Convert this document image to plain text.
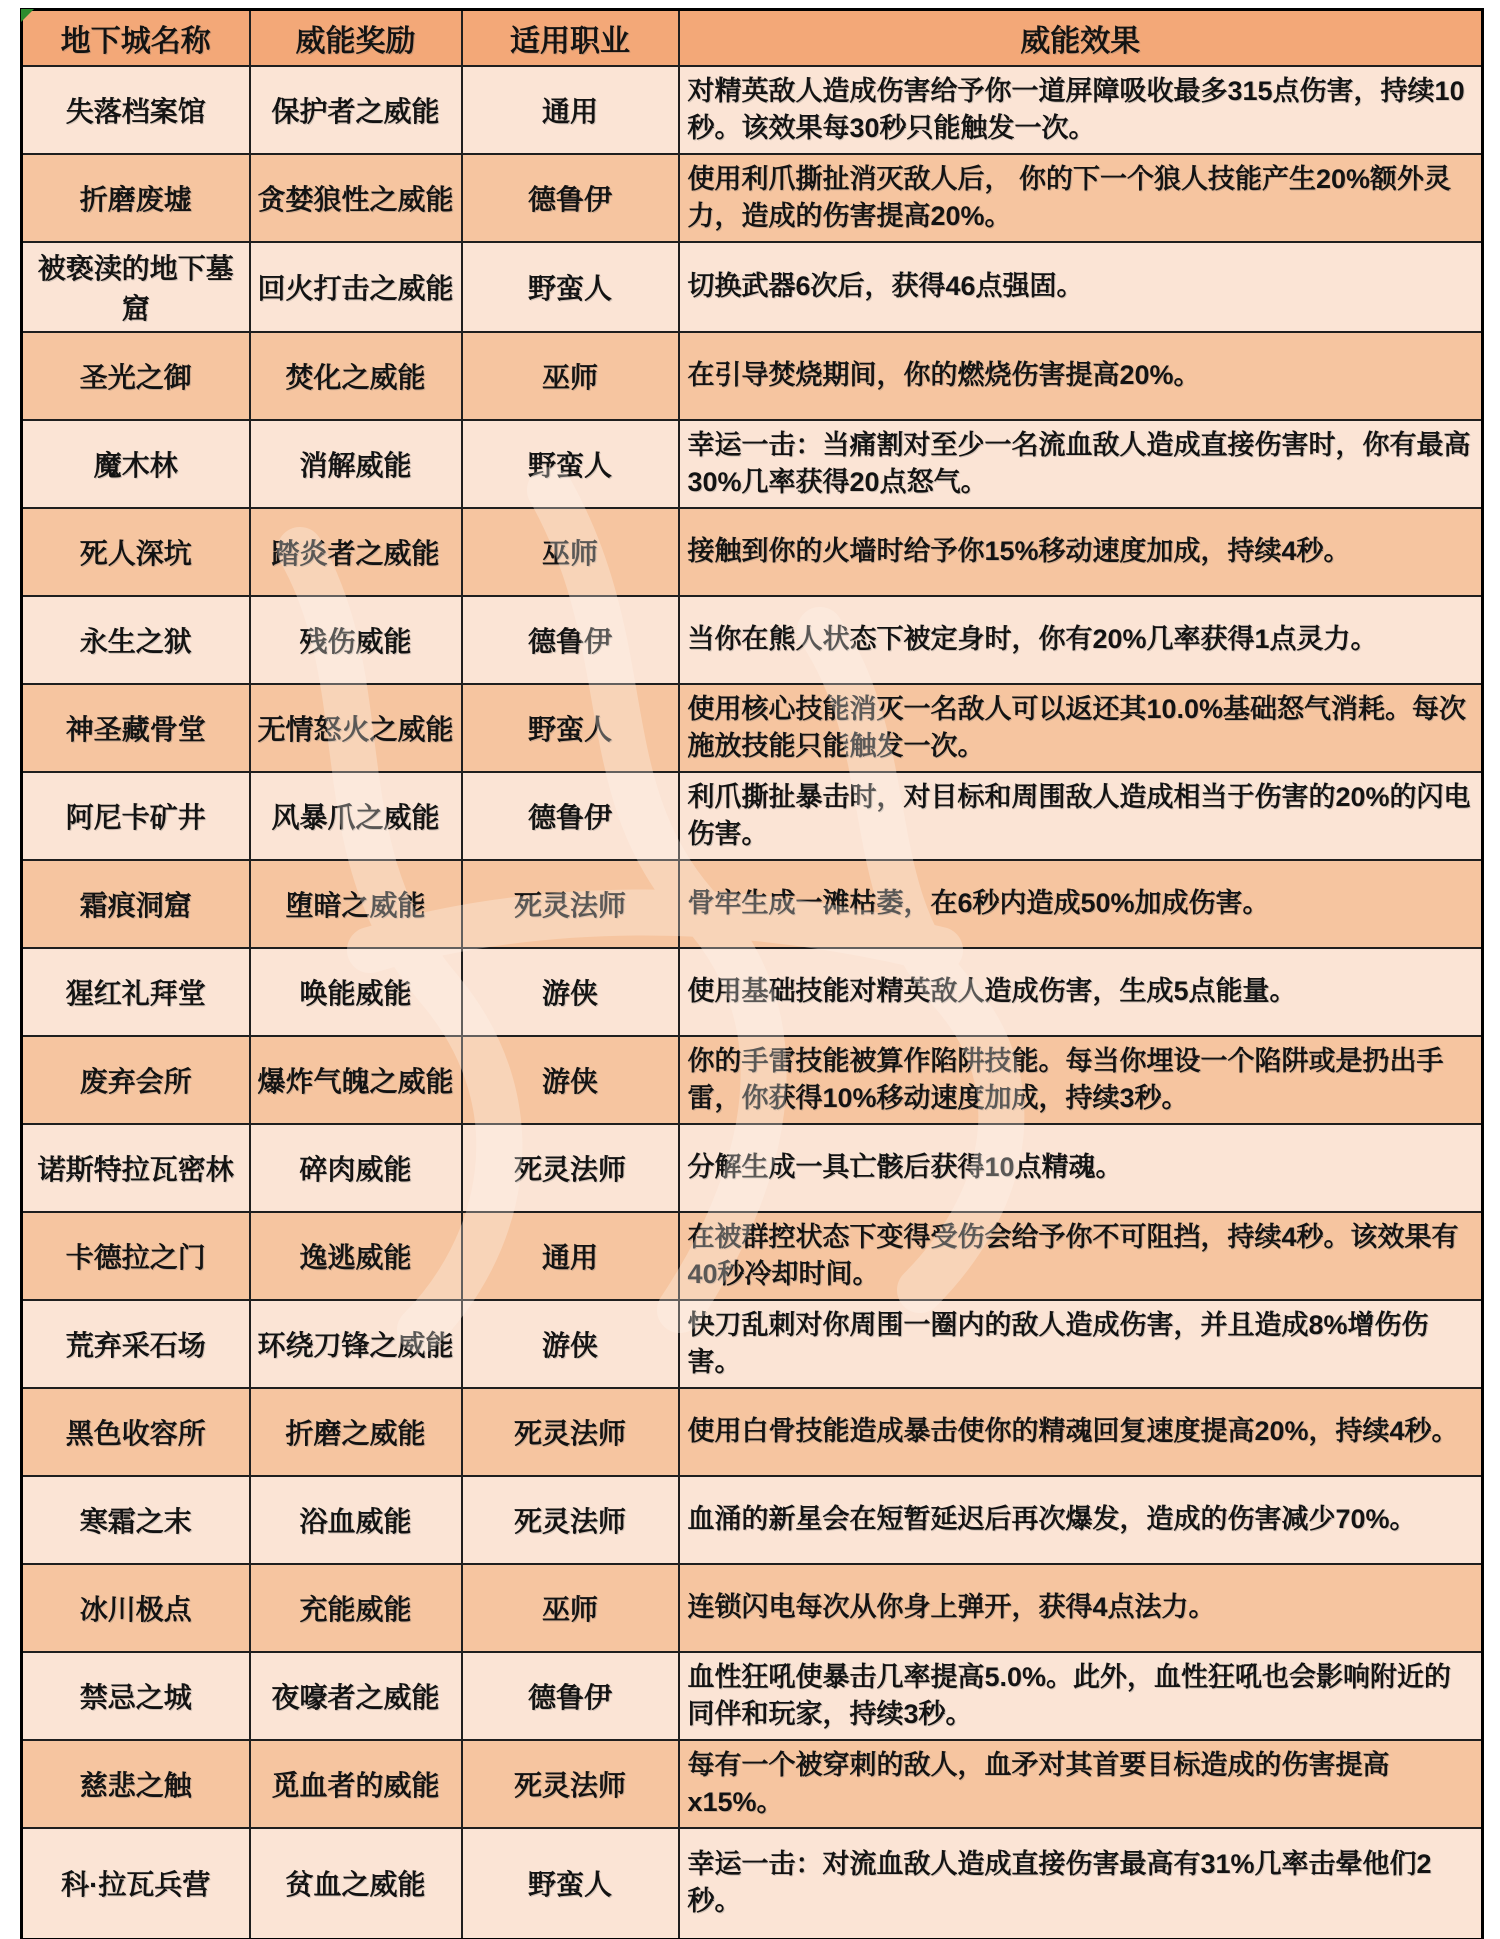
地下城名称	威能奖励	适用职业	威能效果
失落档案馆	保护者之威能	通用	对精英敌人造成伤害给予你一道屏障吸收最多315点伤害，持续10秒。该效果每30秒只能触发一次。
折磨废墟	贪婪狼性之威能	德鲁伊	使用利爪撕扯消灭敌人后， 你的下一个狼人技能产生20%额外灵力，造成的伤害提高20%。
被亵渎的地下墓窟	回火打击之威能	野蛮人	切换武器6次后，获得46点强固。
圣光之御	焚化之威能	巫师	在引导焚烧期间，你的燃烧伤害提高20%。
魔木林	消解威能	野蛮人	幸运一击：当痛割对至少一名流血敌人造成直接伤害时，你有最高30%几率获得20点怒气。
死人深坑	踏炎者之威能	巫师	接触到你的火墙时给予你15%移动速度加成，持续4秒。
永生之狱	残伤威能	德鲁伊	当你在熊人状态下被定身时，你有20%几率获得1点灵力。
神圣藏骨堂	无情怒火之威能	野蛮人	使用核心技能消灭一名敌人可以返还其10.0%基础怒气消耗。每次施放技能只能触发一次。
阿尼卡矿井	风暴爪之威能	德鲁伊	利爪撕扯暴击时，对目标和周围敌人造成相当于伤害的20%的闪电伤害。
霜痕洞窟	堕暗之威能	死灵法师	骨牢生成一滩枯萎，在6秒内造成50%加成伤害。
猩红礼拜堂	唤能威能	游侠	使用基础技能对精英敌人造成伤害，生成5点能量。
废弃会所	爆炸气魄之威能	游侠	你的手雷技能被算作陷阱技能。每当你埋设一个陷阱或是扔出手雷，你获得10%移动速度加成，持续3秒。
诺斯特拉瓦密林	碎肉威能	死灵法师	分解生成一具亡骸后获得10点精魂。
卡德拉之门	逸逃威能	通用	在被群控状态下变得受伤会给予你不可阻挡，持续4秒。该效果有40秒冷却时间。
荒弃采石场	环绕刀锋之威能	游侠	快刀乱刺对你周围一圈内的敌人造成伤害，并且造成8%增伤伤害。
黑色收容所	折磨之威能	死灵法师	使用白骨技能造成暴击使你的精魂回复速度提高20%，持续4秒。
寒霜之末	浴血威能	死灵法师	血涌的新星会在短暂延迟后再次爆发，造成的伤害减少70%。
冰川极点	充能威能	巫师	连锁闪电每次从你身上弹开，获得4点法力。
禁忌之城	夜嚎者之威能	德鲁伊	血性狂吼使暴击几率提高5.0%。此外，血性狂吼也会影响附近的同伴和玩家，持续3秒。
慈悲之触	觅血者的威能	死灵法师	每有一个被穿刺的敌人，血矛对其首要目标造成的伤害提高x15%。
科·拉瓦兵营	贫血之威能	野蛮人	幸运一击：对流血敌人造成直接伤害最高有31%几率击晕他们2秒。
